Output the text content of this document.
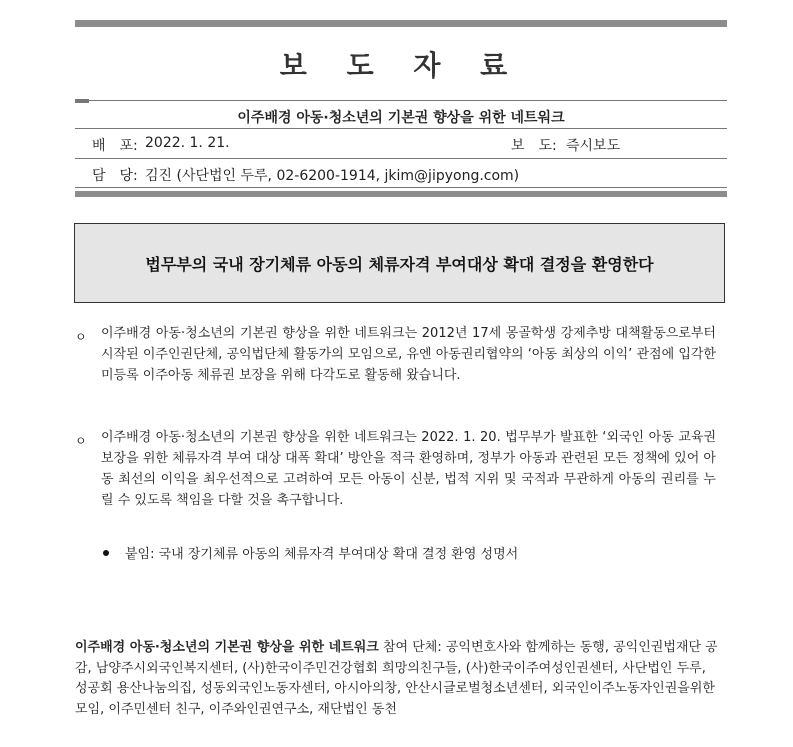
보 도 자 료
이주배경 아동·청소년의 기본권 향상을 위한 네트워크
배　포: 2022. 1. 21.	보　도: 즉시보도
담　당: 김진 (사단법인 두루, 02-6200-1914, jkim@jipyong.com)
법무부의 국내 장기체류 아동의 체류자격 부여대상 확대 결정을 환영한다
ㅇ 이주배경 아동·청소년의 기본권 향상을 위한 네트워크는 2012년 17세 몽골학생 강제추방 대책활동으로부터 시작된 이주인권단체, 공익법단체 활동가의 모임으로, 유엔 아동권리협약의 ‘아동 최상의 이익’ 관점에 입각한 미등록 이주아동 체류권 보장을 위해 다각도로 활동해 왔습니다.

ㅇ 이주배경 아동·청소년의 기본권 향상을 위한 네트워크는 2022. 1. 20. 법무부가 발표한 ‘외국인 아동 교육권 보장을 위한 체류자격 부여 대상 대폭 확대’ 방안을 적극 환영하며, 정부가 아동과 관련된 모든 정책에 있어 아동 최선의 이익을 최우선적으로 고려하여 모든 아동이 신분, 법적 지위 및 국적과 무관하게 아동의 권리를 누릴 수 있도록 책임을 다할 것을 촉구합니다.

붙임: 국내 장기체류 아동의 체류자격 부여대상 확대 결정 환영 성명서

이주배경 아동·청소년의 기본권 향상을 위한 네트워크 참여 단체: 공익변호사와 함께하는 동행, 공익인권법재단 공감, 남양주시외국인복지센터, (사)한국이주민건강협회 희망의친구들, (사)한국이주여성인권센터, 사단법인 두루, 성공회 용산나눔의집, 성동외국인노동자센터, 아시아의창, 안산시글로벌청소년센터, 외국인이주노동자인권을위한모임, 이주민센터 친구, 이주와인권연구소, 재단법인 동천
